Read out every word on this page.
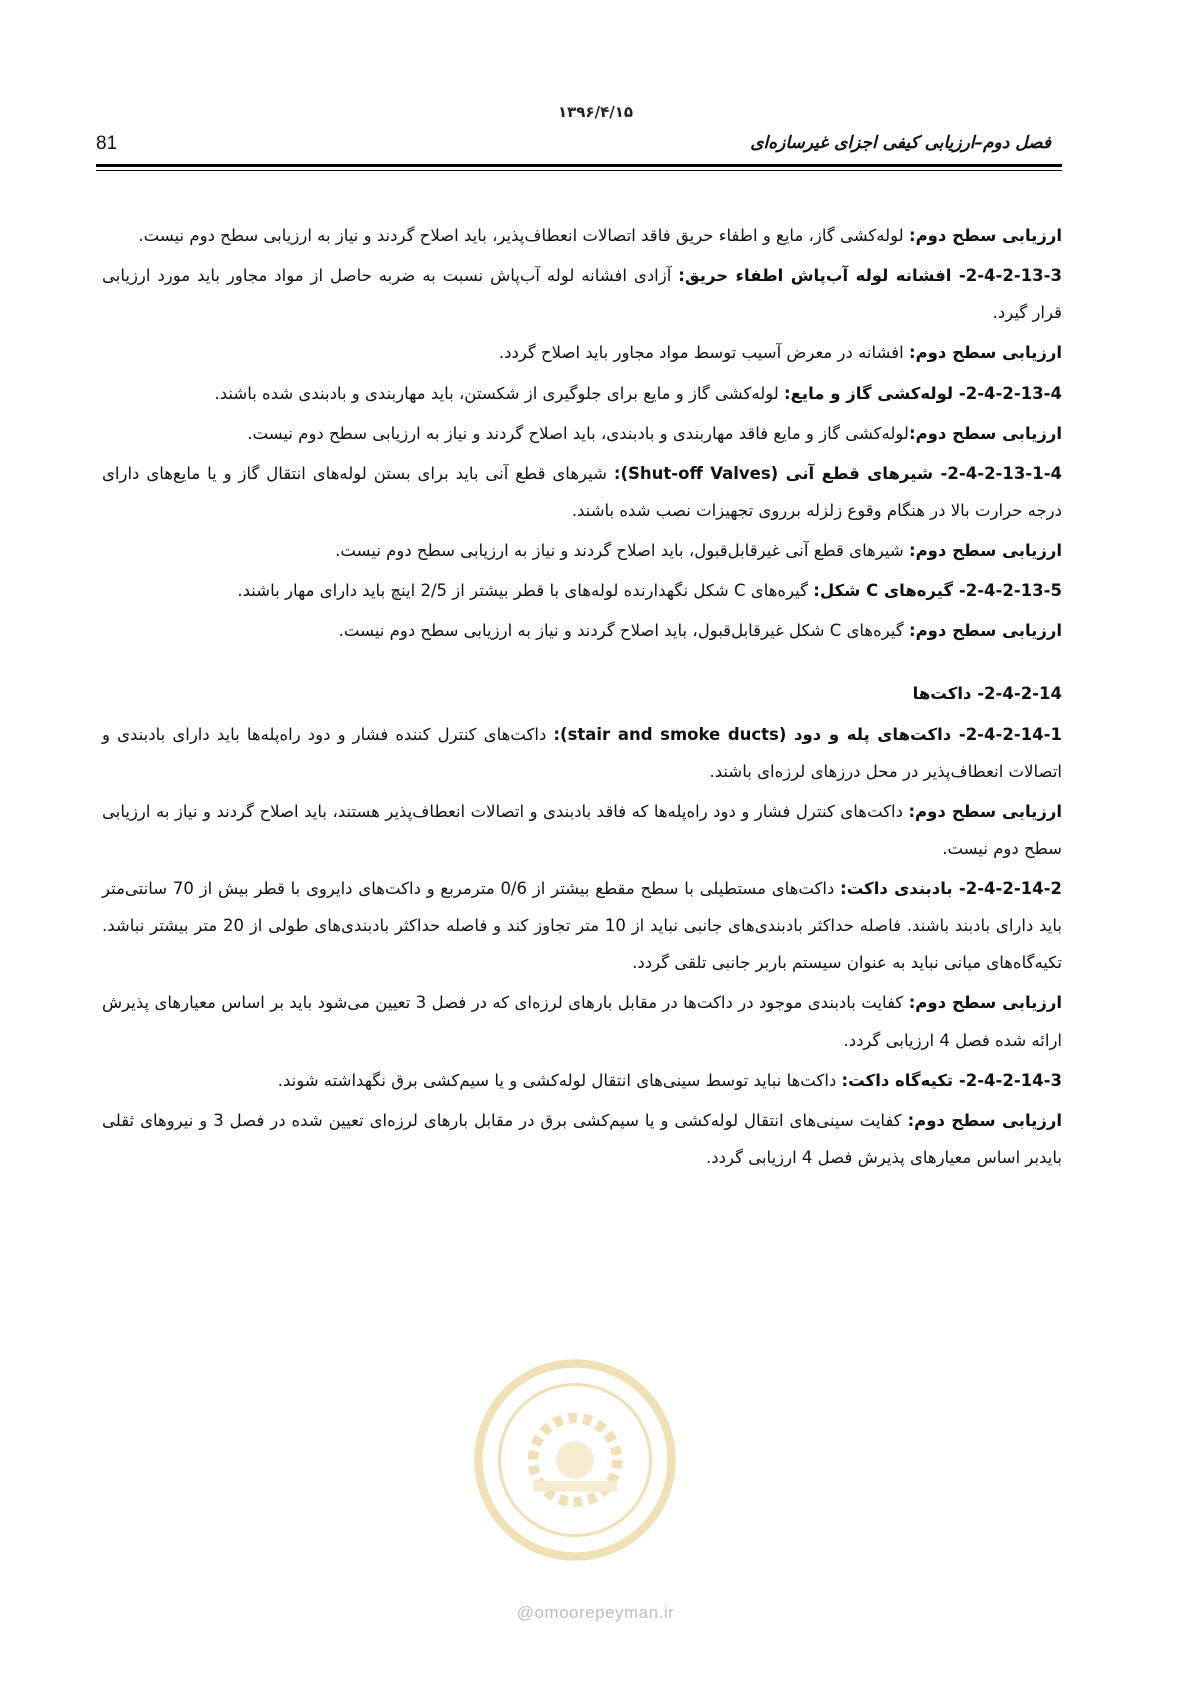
۱۳۹۶/۴/۱۵
81	فصل دوم–ارزیابی کیفی اجزای غیرسازه‌ای

ارزیابی سطح دوم: لوله‌کشی گاز، مایع و اطفاء حریق فاقد اتصالات انعطاف‌پذیر، باید اصلاح گردند و نیاز به ارزیابی سطح دوم نیست.

2-4-2-13-3- افشانه لوله آب‌پاش اطفاء حریق: آزادی افشانه لوله آب‌پاش نسبت به ضربه حاصل از مواد مجاور باید مورد ارزیابی قرار گیرد.

ارزیابی سطح دوم: افشانه در معرض آسیب توسط مواد مجاور باید اصلاح گردد.

2-4-2-13-4- لوله‌کشی گاز و مایع: لوله‌کشی گاز و مایع برای جلوگیری از شکستن، باید مهاربندی و بادبندی شده باشند.

ارزیابی سطح دوم:لوله‌کشی گاز و مایع فاقد مهاربندی و بادبندی، باید اصلاح گردند و نیاز به ارزیابی سطح دوم نیست.

2-4-2-13-1-4- شیرهای قطع آنی (Shut-off Valves): شیرهای قطع آنی باید برای بستن لوله‌های انتقال گاز و یا مایع‌های دارای درجه حرارت بالا در هنگام وقوع زلزله برروی تجهیزات نصب شده باشند.

ارزیابی سطح دوم: شیرهای قطع آنی غیرقابل‌قبول، باید اصلاح گردند و نیاز به ارزیابی سطح دوم نیست.

2-4-2-13-5- گیره‌های C شکل: گیره‌های C شکل نگهدارنده لوله‌های با قطر بیشتر از 2/5 اینچ باید دارای مهار باشند.

ارزیابی سطح دوم: گیره‌های C شکل غیرقابل‌قبول، باید اصلاح گردند و نیاز به ارزیابی سطح دوم نیست.

2-4-2-14- داکت‌ها

2-4-2-14-1- داکت‌های پله و دود (stair and smoke ducts): داکت‌های کنترل کننده فشار و دود راه‌پله‌ها باید دارای بادبندی و اتصالات انعطاف‌پذیر در محل درزهای لرزه‌ای باشند.

ارزیابی سطح دوم: داکت‌های کنترل فشار و دود راه‌پله‌ها که فاقد بادبندی و اتصالات انعطاف‌پذیر هستند، باید اصلاح گردند و نیاز به ارزیابی سطح دوم نیست.

2-4-2-14-2- بادبندی داکت: داکت‌های مستطیلی با سطح مقطع بیشتر از 0/6 مترمربع و داکت‌های دایروی با قطر بیش از 70 سانتی‌متر باید دارای بادبند باشند. فاصله حداکثر بادبندی‌های جانبی نباید از 10 متر تجاوز کند و فاصله حداکثر بادبندی‌های طولی از 20 متر بیشتر نباشد. تکیه‌گاه‌های میانی نباید به عنوان سیستم باربر جانبی تلقی گردد.

ارزیابی سطح دوم: کفایت بادبندی موجود در داکت‌ها در مقابل بارهای لرزه‌ای که در فصل 3 تعیین می‌شود باید بر اساس معیارهای پذیرش ارائه شده فصل 4 ارزیابی گردد.

2-4-2-14-3- تکیه‌گاه داکت: داکت‌ها نباید توسط سینی‌های انتقال لوله‌کشی و یا سیم‌کشی برق نگهداشته شوند.

ارزیابی سطح دوم: کفایت سینی‌های انتقال لوله‌کشی و یا سیم‌کشی برق در مقابل بارهای لرزه‌ای تعیین شده در فصل 3 و نیروهای ثقلی بایدبر اساس معیارهای پذیرش فصل 4 ارزیابی گردد.

@omoorepeyman.ir
